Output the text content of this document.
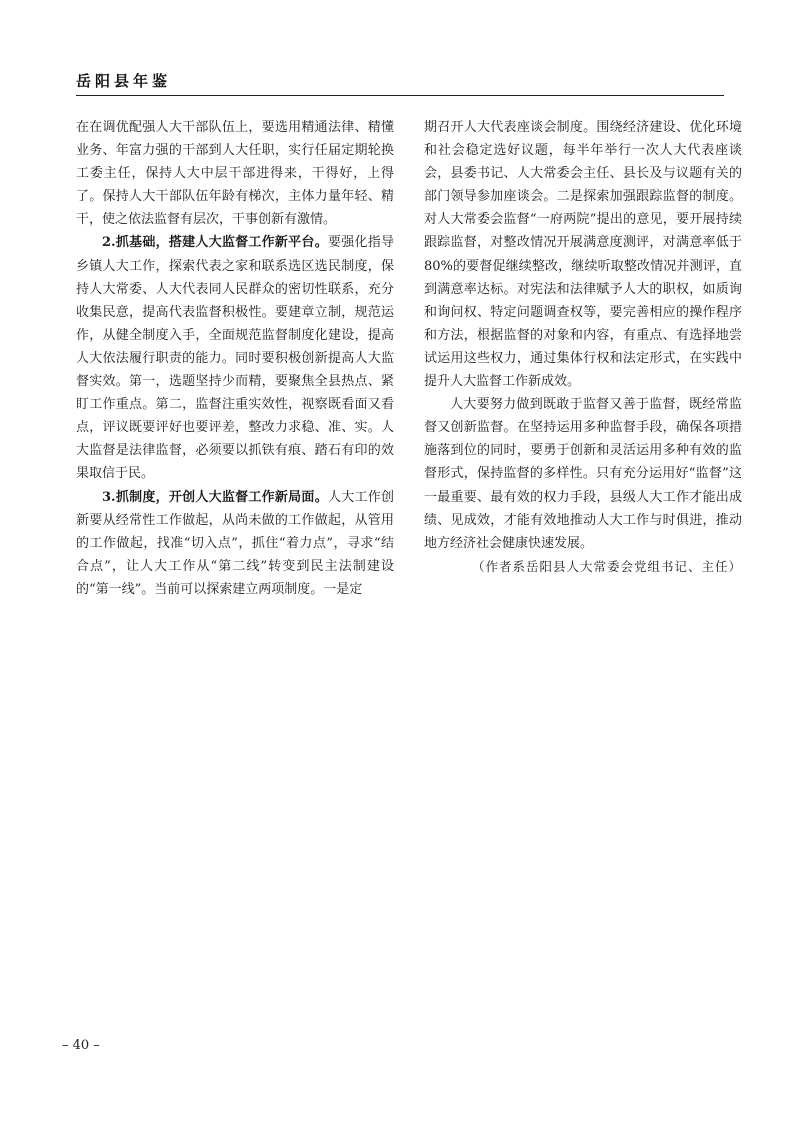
岳阳县年鉴

在在调优配强人大干部队伍上，要选用精通法律、精懂业务、年富力强的干部到人大任职，实行任届定期轮换工委主任，保持人大中层干部进得来，干得好，上得了。保持人大干部队伍年龄有梯次，主体力量年轻、精干，使之依法监督有层次，干事创新有激情。

2.抓基础，搭建人大监督工作新平台。要强化指导乡镇人大工作，探索代表之家和联系选区选民制度，保持人大常委、人大代表同人民群众的密切性联系，充分收集民意，提高代表监督积极性。要建章立制，规范运作，从健全制度入手，全面规范监督制度化建设，提高人大依法履行职责的能力。同时要积极创新提高人大监督实效。第一，选题坚持少而精，要聚焦全县热点、紧盯工作重点。第二，监督注重实效性，视察既看面又看点，评议既要评好也要评差，整改力求稳、准、实。人大监督是法律监督，必须要以抓铁有痕、踏石有印的效果取信于民。

3.抓制度，开创人大监督工作新局面。人大工作创新要从经常性工作做起，从尚未做的工作做起，从管用的工作做起，找准“切入点”，抓住“着力点”，寻求“结合点”，让人大工作从“第二线”转变到民主法制建设的“第一线”。当前可以探索建立两项制度。一是定

期召开人大代表座谈会制度。围绕经济建设、优化环境和社会稳定选好议题，每半年举行一次人大代表座谈会，县委书记、人大常委会主任、县长及与议题有关的部门领导参加座谈会。二是探索加强跟踪监督的制度。对人大常委会监督“一府两院”提出的意见，要开展持续跟踪监督，对整改情况开展满意度测评，对满意率低于80%的要督促继续整改，继续听取整改情况并测评，直到满意率达标。对宪法和法律赋予人大的职权，如质询和询问权、特定问题调查权等，要完善相应的操作程序和方法，根据监督的对象和内容，有重点、有选择地尝试运用这些权力，通过集体行权和法定形式，在实践中提升人大监督工作新成效。

人大要努力做到既敢于监督又善于监督，既经常监督又创新监督。在坚持运用多种监督手段，确保各项措施落到位的同时，要勇于创新和灵活运用多种有效的监督形式，保持监督的多样性。只有充分运用好“监督”这一最重要、最有效的权力手段，县级人大工作才能出成绩、见成效，才能有效地推动人大工作与时俱进，推动地方经济社会健康快速发展。

（作者系岳阳县人大常委会党组书记、主任）

– 40 –
